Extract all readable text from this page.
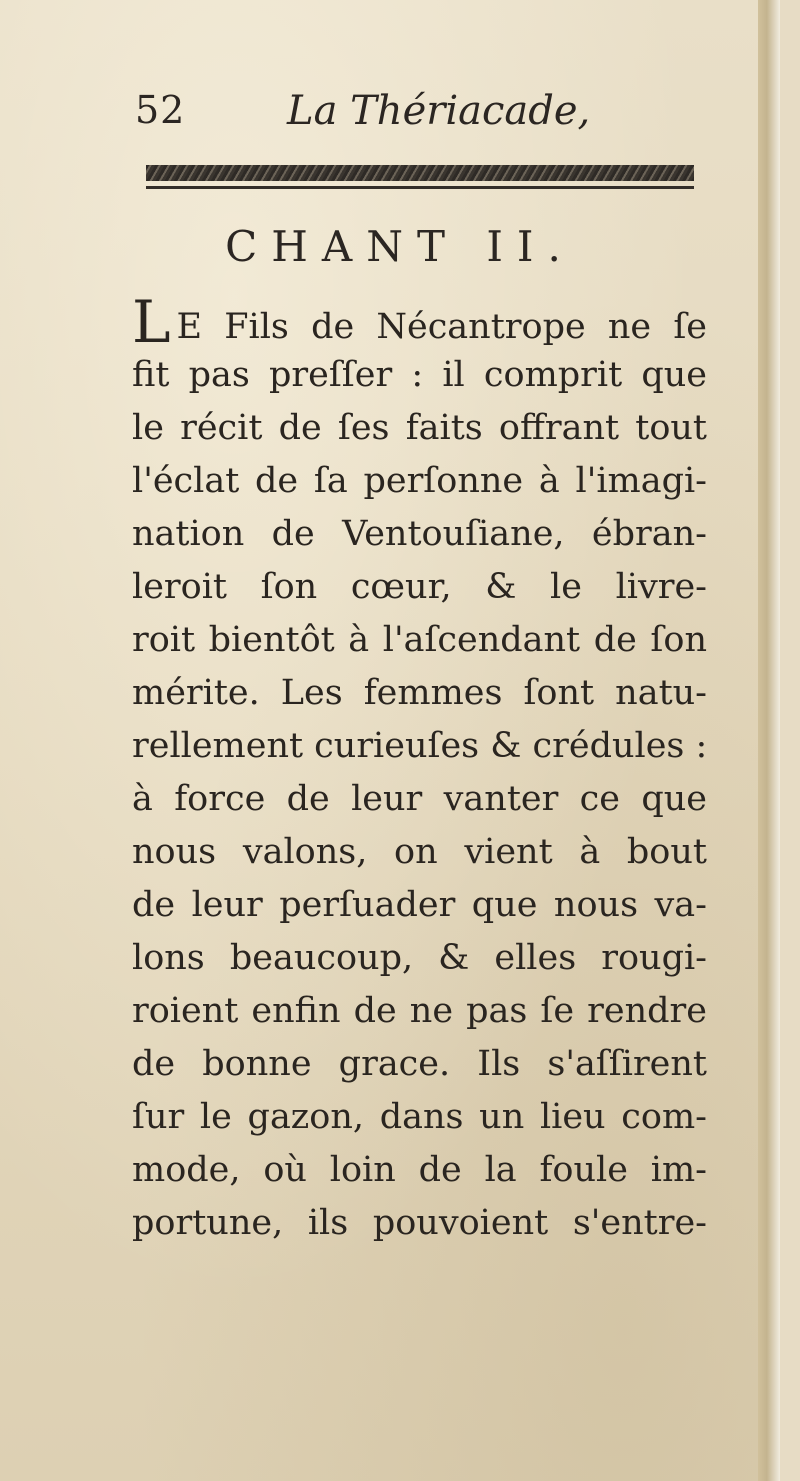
52	La Thériacade,
CHANT II.
L E Fils de Nécantrope ne ſe
fit pas preſſer : il comprit que
le récit de ſes faits offrant tout
l'éclat de ſa perſonne à l'imagi-
nation de Ventouſiane, ébran-
leroit ſon cœur, & le livre-
roit bientôt à l'aſcendant de ſon
mérite. Les femmes ſont natu-
rellement curieuſes & crédules :
à force de leur vanter ce que
nous valons, on vient à bout
de leur perſuader que nous va-
lons beaucoup, & elles rougi-
roient enfin de ne pas ſe rendre
de bonne grace. Ils s'aſſirent
ſur le gazon, dans un lieu com-
mode, où loin de la foule im-
portune, ils pouvoient s'entre-
